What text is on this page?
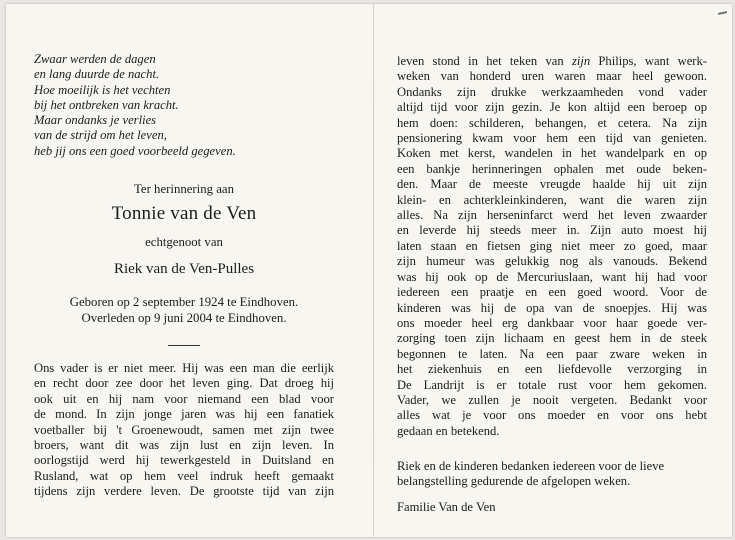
Zwaar werden de dagen
en lang duurde de nacht.
Hoe moeilijk is het vechten
bij het ontbreken van kracht.
Maar ondanks je verlies
van de strijd om het leven,
heb jij ons een goed voorbeeld gegeven.

Ter herinnering aan
Tonnie van de Ven
echtgenoot van
Riek van de Ven-Pulles
Geboren op 2 september 1924 te Eindhoven.
Overleden op 9 juni 2004 te Eindhoven.
Ons vader is er niet meer. Hij was een man die eerlijk
en recht door zee door het leven ging. Dat droeg hij
ook uit en hij nam voor niemand een blad voor
de mond. In zijn jonge jaren was hij een fanatiek
voetballer bij 't Groenewoudt, samen met zijn twee
broers, want dit was zijn lust en zijn leven. In
oorlogstijd werd hij tewerkgesteld in Duitsland en
Rusland, wat op hem veel indruk heeft gemaakt
tijdens zijn verdere leven. De grootste tijd van zijn
leven stond in het teken van zijn Philips, want werk-
weken van honderd uren waren maar heel gewoon.
Ondanks zijn drukke werkzaamheden vond vader
altijd tijd voor zijn gezin. Je kon altijd een beroep op
hem doen: schilderen, behangen, et cetera. Na zijn
pensionering kwam voor hem een tijd van genieten.
Koken met kerst, wandelen in het wandelpark en op
een bankje herinneringen ophalen met oude beken-
den. Maar de meeste vreugde haalde hij uit zijn
klein- en achterkleinkinderen, want die waren zijn
alles. Na zijn herseninfarct werd het leven zwaarder
en leverde hij steeds meer in. Zijn auto moest hij
laten staan en fietsen ging niet meer zo goed, maar
zijn humeur was gelukkig nog als vanouds. Bekend
was hij ook op de Mercuriuslaan, want hij had voor
iedereen een praatje en een goed woord. Voor de
kinderen was hij de opa van de snoepjes. Hij was
ons moeder heel erg dankbaar voor haar goede ver-
zorging toen zijn lichaam en geest hem in de steek
begonnen te laten. Na een paar zware weken in
het ziekenhuis en een liefdevolle verzorging in
De Landrijt is er totale rust voor hem gekomen.
Vader, we zullen je nooit vergeten. Bedankt voor
alles wat je voor ons moeder en voor ons hebt
gedaan en betekend.
Riek en de kinderen bedanken iedereen voor de lieve
belangstelling gedurende de afgelopen weken.
Familie Van de Ven
